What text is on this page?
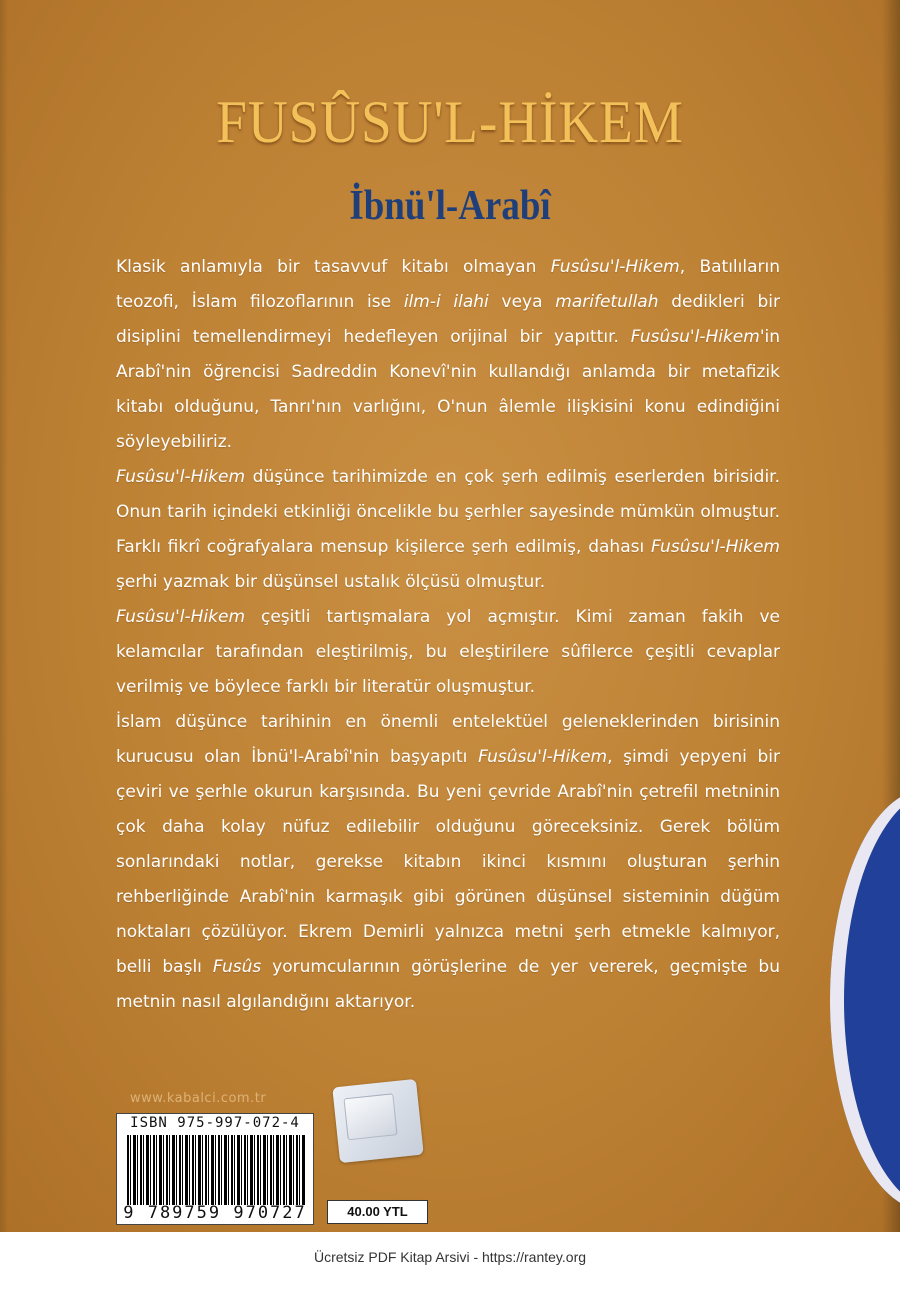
FUSÛSU'L-HİKEM
İbnü'l-Arabî

Klasik anlamıyla bir tasavvuf kitabı olmayan Fusûsu'l-Hikem, Batılıların teozofi, İslam filozoflarının ise ilm-i ilahi veya marifetullah dedikleri bir disiplini temellendirmeyi hedefleyen orijinal bir yapıttır. Fusûsu'l-Hikem'in Arabî'nin öğrencisi Sadreddin Konevî'nin kullandığı anlamda bir metafizik kitabı olduğunu, Tanrı'nın varlığını, O'nun âlemle ilişkisini konu edindiğini söyleyebiliriz.

Fusûsu'l-Hikem düşünce tarihimizde en çok şerh edilmiş eserlerden birisidir. Onun tarih içindeki etkinliği öncelikle bu şerhler sayesinde mümkün olmuştur. Farklı fikrî coğrafyalara mensup kişilerce şerh edilmiş, dahası Fusûsu'l-Hikem şerhi yazmak bir düşünsel ustalık ölçüsü olmuştur.

Fusûsu'l-Hikem çeşitli tartışmalara yol açmıştır. Kimi zaman fakih ve kelamcılar tarafından eleştirilmiş, bu eleştirilere sûfilerce çeşitli cevaplar verilmiş ve böylece farklı bir literatür oluşmuştur.

İslam düşünce tarihinin en önemli entelektüel geleneklerinden birisinin kurucusu olan İbnü'l-Arabî'nin başyapıtı Fusûsu'l-Hikem, şimdi yepyeni bir çeviri ve şerhle okurun karşısında. Bu yeni çevride Arabî'nin çetrefil metninin çok daha kolay nüfuz edilebilir olduğunu göreceksiniz. Gerek bölüm sonlarındaki notlar, gerekse kitabın ikinci kısmını oluşturan şerhin rehberliğinde Arabî'nin karmaşık gibi görünen düşünsel sisteminin düğüm noktaları çözülüyor. Ekrem Demirli yalnızca metni şerh etmekle kalmıyor, belli başlı Fusûs yorumcularının görüşlerine de yer vererek, geçmişte bu metnin nasıl algılandığını aktarıyor.

www.kabalci.com.tr
ISBN 975-997-072-4
9 789759 970727	40.00 YTL
Ücretsiz PDF Kitap Arsivi - https://rantey.org
